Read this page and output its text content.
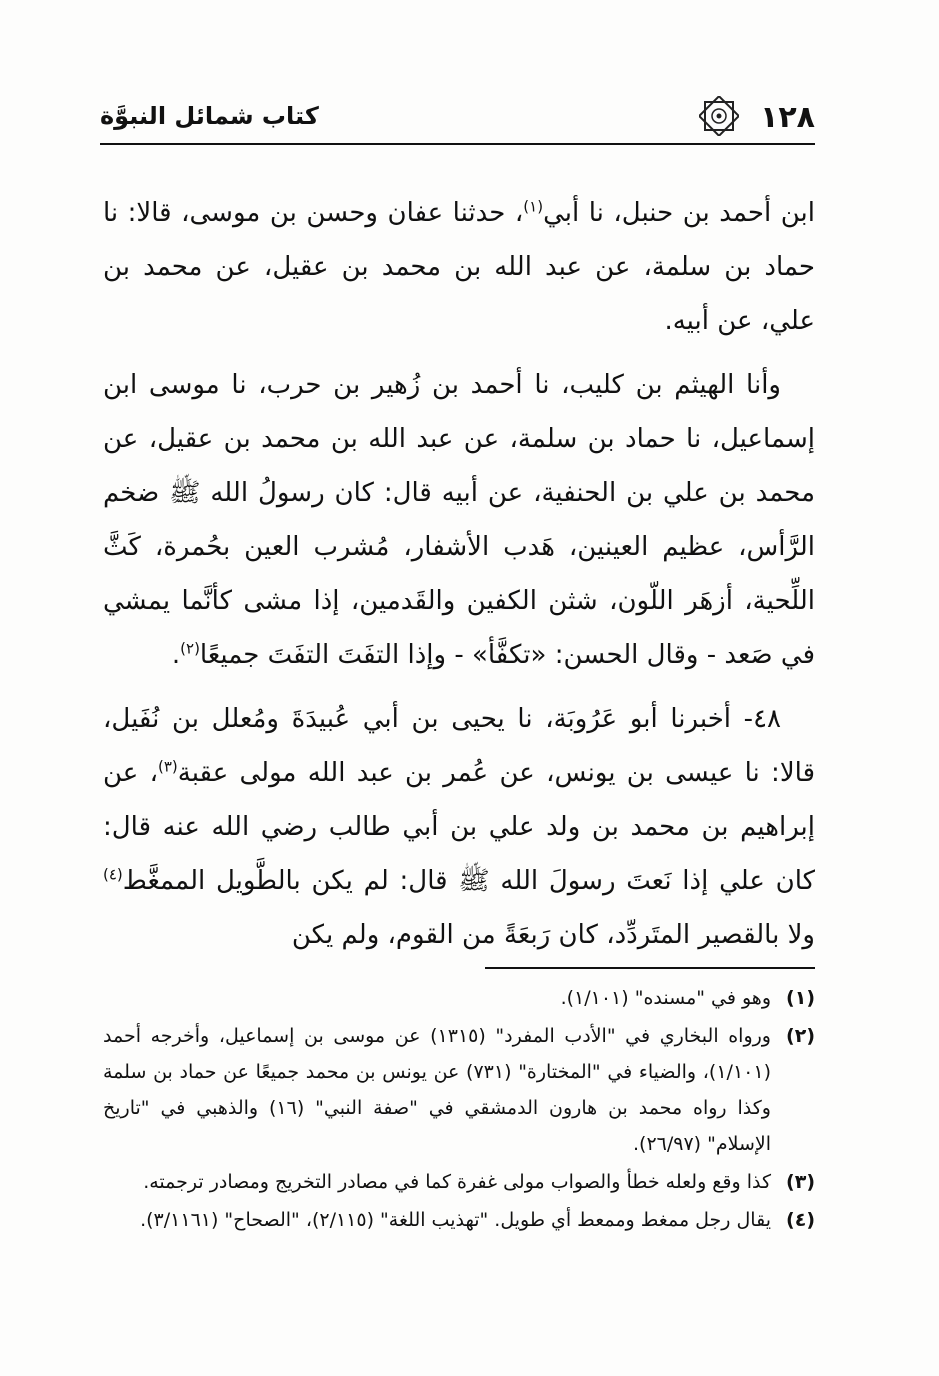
١٢٨
كتاب شمائل النبوَّة

ابن أحمد بن حنبل، نا أبي$^{(١)}$، حدثنا عفان وحسن بن موسى، قالا: نا حماد بن سلمة، عن عبد الله بن محمد بن عقيل، عن محمد بن علي، عن أبيه.

وأنا الهيثم بن كليب، نا أحمد بن زُهير بن حرب، نا موسى ابن إسماعيل، نا حماد بن سلمة، عن عبد الله بن محمد بن عقيل، عن محمد بن علي بن الحنفية، عن أبيه قال: كان رسولُ الله ﷺ ضخم الرَّأس، عظيم العينين، هَدب الأشفار، مُشرب العين بحُمرة، كَثَّ اللِّحية، أزهَر اللّون، شثن الكفين والقَدمين، إذا مشى كأنَّما يمشي في صَعد - وقال الحسن: «تكفَّأ» - وإذا التفَتَ التفَتَ جميعًا$^{(٢)}$.

٤٨- أخبرنا أبو عَرُوبَة، نا يحيى بن أبي عُبيدَةَ ومُعلل بن نُفَيل، قالا: نا عيسى بن يونس، عن عُمر بن عبد الله مولى عقبة$^{(٣)}$، عن إبراهيم بن محمد بن ولد علي بن أبي طالب رضي الله عنه قال: كان علي إذا نَعتَ رسولَ الله ﷺ قال: لم يكن بالطَّويل الممغَّط$^{(٤)}$ ولا بالقصير المتَردِّد، كان رَبعَةً من القوم، ولم يكن

(١)
وهو في "مسنده" (١/١٠١).
(٢)
ورواه البخاري في "الأدب المفرد" (١٣١٥) عن موسى بن إسماعيل، وأخرجه أحمد (١/١٠١)، والضياء في "المختارة" (٧٣١) عن يونس بن محمد جميعًا عن حماد بن سلمة وكذا رواه محمد بن هارون الدمشقي في "صفة النبي" (١٦) والذهبي في "تاريخ الإسلام" (٢٦/٩٧).
(٣)
كذا وقع ولعله خطأ والصواب مولى غفرة كما في مصادر التخريج ومصادر ترجمته.
(٤)
يقال رجل ممغط وممعط أي طويل. "تهذيب اللغة" (٢/١١٥)، "الصحاح" (٣/١١٦١).
